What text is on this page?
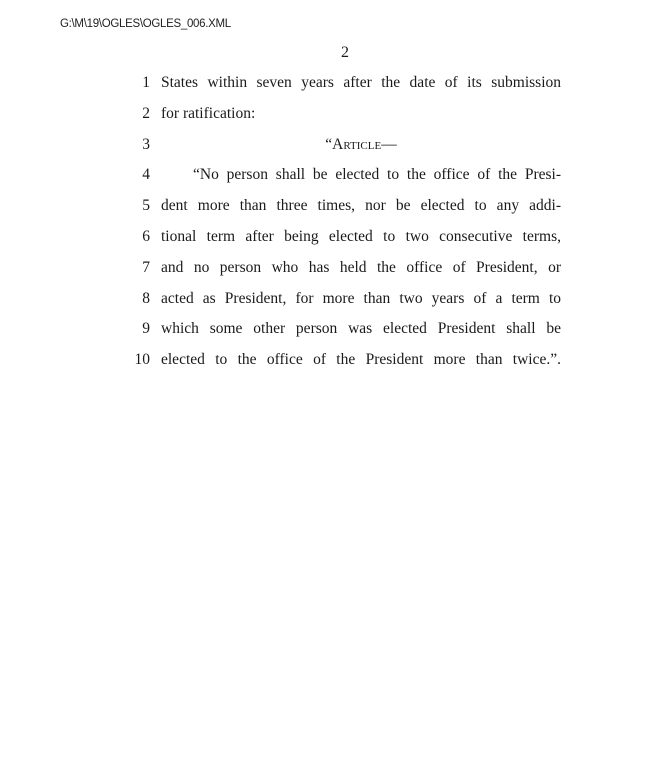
G:\M\19\OGLES\OGLES_006.XML
2
1 States within seven years after the date of its submission
2 for ratification:
3	“Article—
4	“No person shall be elected to the office of the Presi-
5 dent more than three times, nor be elected to any addi-
6 tional term after being elected to two consecutive terms,
7 and no person who has held the office of President, or
8 acted as President, for more than two years of a term to
9 which some other person was elected President shall be
10 elected to the office of the President more than twice.”.
